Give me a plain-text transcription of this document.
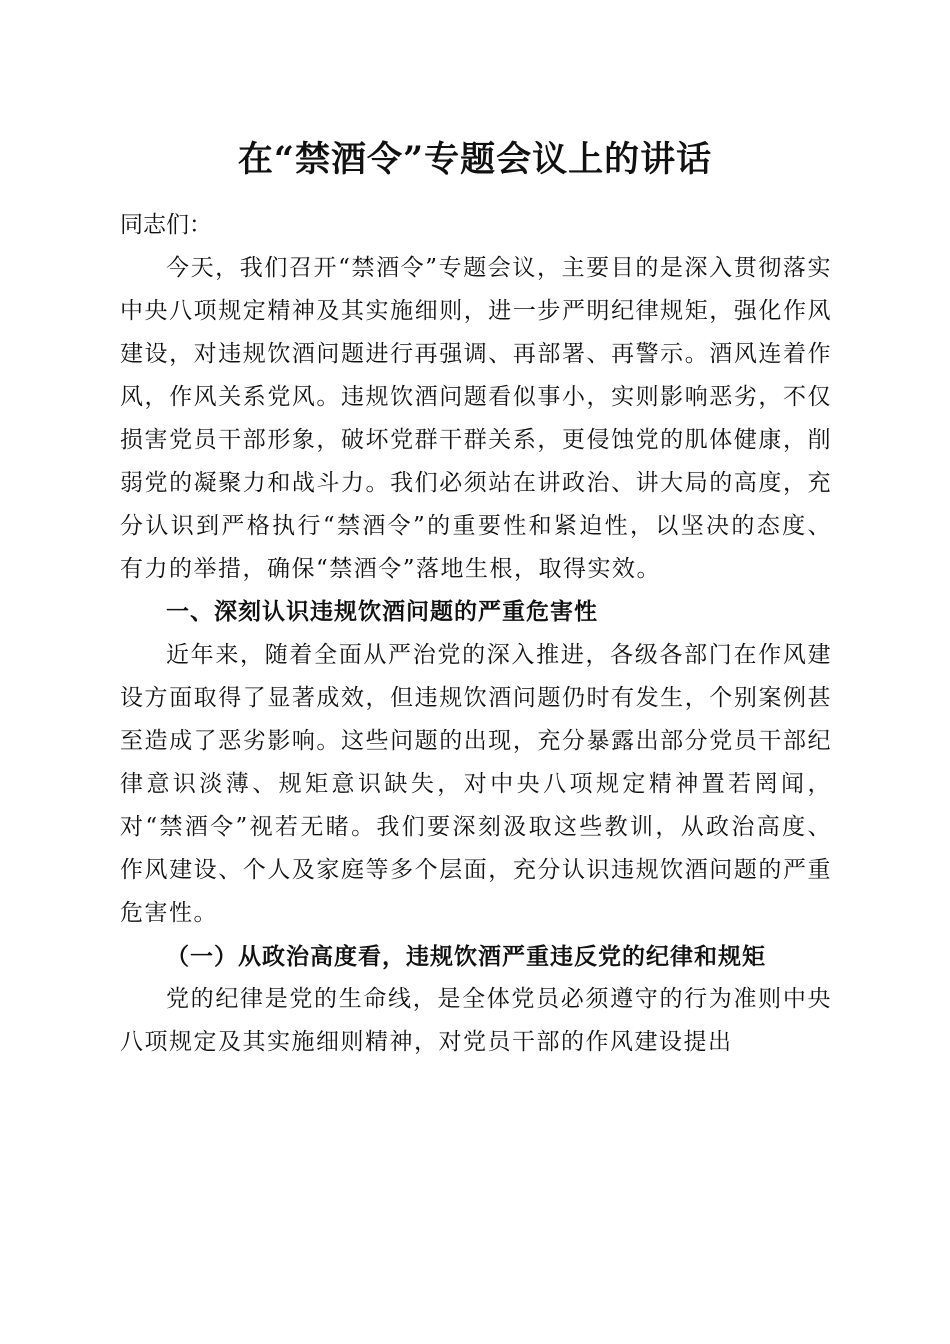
在“禁酒令”专题会议上的讲话

同志们：

今天，我们召开“禁酒令”专题会议，主要目的是深入贯彻落实中央八项规定精神及其实施细则，进一步严明纪律规矩，强化作风建设，对违规饮酒问题进行再强调、再部署、再警示。酒风连着作风，作风关系党风。违规饮酒问题看似事小，实则影响恶劣，不仅损害党员干部形象，破坏党群干群关系，更侵蚀党的肌体健康，削弱党的凝聚力和战斗力。我们必须站在讲政治、讲大局的高度，充分认识到严格执行“禁酒令”的重要性和紧迫性，以坚决的态度、有力的举措，确保“禁酒令”落地生根，取得实效。

一、深刻认识违规饮酒问题的严重危害性

近年来，随着全面从严治党的深入推进，各级各部门在作风建设方面取得了显著成效，但违规饮酒问题仍时有发生，个别案例甚至造成了恶劣影响。这些问题的出现，充分暴露出部分党员干部纪律意识淡薄、规矩意识缺失，对中央八项规定精神置若罔闻，对“禁酒令”视若无睹。我们要深刻汲取这些教训，从政治高度、作风建设、个人及家庭等多个层面，充分认识违规饮酒问题的严重危害性。

（一）从政治高度看，违规饮酒严重违反党的纪律和规矩

党的纪律是党的生命线，是全体党员必须遵守的行为准则中央八项规定及其实施细则精神，对党员干部的作风建设提出
